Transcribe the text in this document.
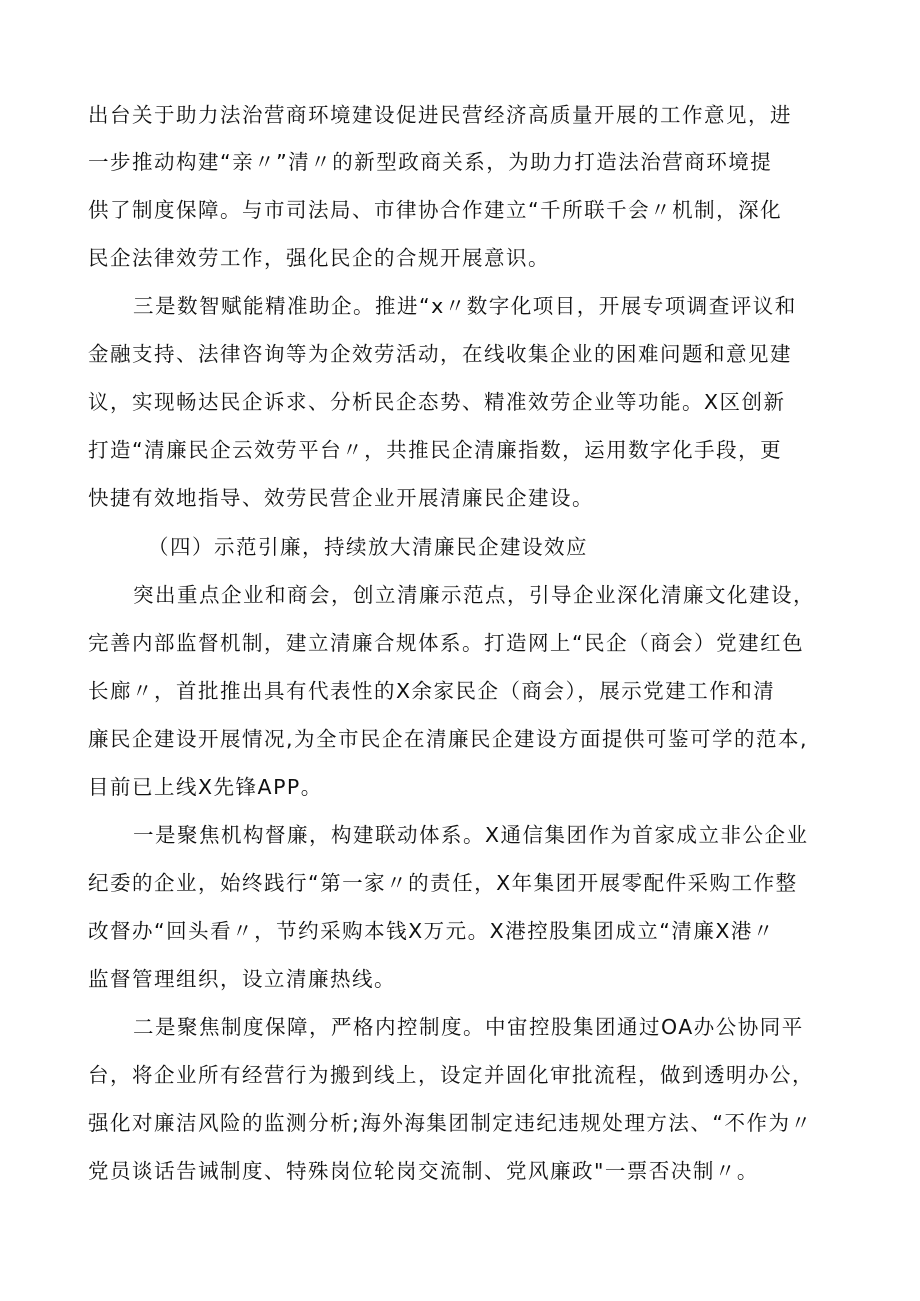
出台关于助力法治营商环境建设促进民营经济高质量开展的工作意见，进
一步推动构建“亲〃”清〃的新型政商关系，为助力打造法治营商环境提
供了制度保障。与市司法局、市律协合作建立“千所联千会〃机制，深化
民企法律效劳工作，强化民企的合规开展意识。
三是数智赋能精准助企。推进“x〃数字化项目，开展专项调查评议和
金融支持、法律咨询等为企效劳活动，在线收集企业的困难问题和意见建
议，实现畅达民企诉求、分析民企态势、精准效劳企业等功能。X区创新
打造“清廉民企云效劳平台〃，共推民企清廉指数，运用数字化手段，更
快捷有效地指导、效劳民营企业开展清廉民企建设。
（四）示范引廉，持续放大清廉民企建设效应
突出重点企业和商会，创立清廉示范点，引导企业深化清廉文化建设，
完善内部监督机制，建立清廉合规体系。打造网上“民企（商会）党建红色
长廊〃，首批推出具有代表性的X余家民企（商会），展示党建工作和清
廉民企建设开展情况,为全市民企在清廉民企建设方面提供可鉴可学的范本,
目前已上线X先锋APP。
一是聚焦机构督廉，构建联动体系。X通信集团作为首家成立非公企业
纪委的企业，始终践行“第一家〃的责任，X年集团开展零配件采购工作整
改督办“回头看〃，节约采购本钱X万元。X港控股集团成立“清廉X港〃
监督管理组织，设立清廉热线。
二是聚焦制度保障，严格内控制度。中宙控股集团通过OA办公协同平
台，将企业所有经营行为搬到线上，设定并固化审批流程，做到透明办公，
强化对廉洁风险的监测分析;海外海集团制定违纪违规处理方法、“不作为〃
党员谈话告诫制度、特殊岗位轮岗交流制、党风廉政"一票否决制〃。
